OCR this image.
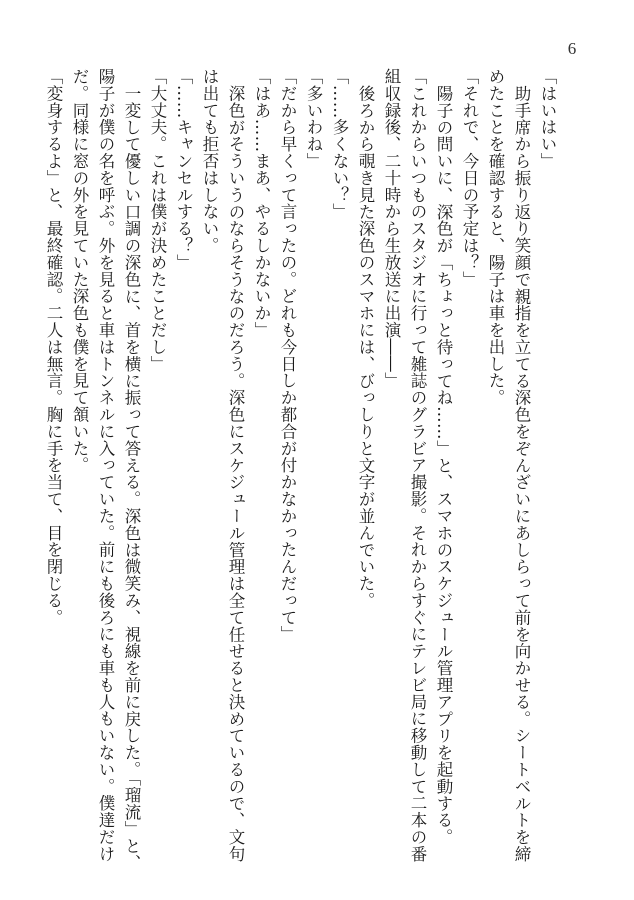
6

「はいはい」

助手席から振り返り笑顔で親指を立てる深色をぞんざいにあしらって前を向かせる。シートベルトを締めたことを確認すると、陽子は車を出した。

「それで、今日の予定は？」

陽子の問いに、深色が「ちょっと待ってね……」と、スマホのスケジュール管理アプリを起動する。

「これからいつものスタジオに行って雑誌のグラビア撮影。それからすぐにテレビ局に移動して二本の番組収録後、二十時から生放送に出演――」

後ろから覗き見た深色のスマホには、びっしりと文字が並んでいた。

「……多くない？」

「多いわね」

「だから早くって言ったの。どれも今日しか都合が付かなかったんだって」

「はあ……まあ、やるしかないか」

深色がそういうのならそうなのだろう。深色にスケジュール管理は全て任せると決めているので、文句は出ても拒否はしない。

「……キャンセルする？」

「大丈夫。これは僕が決めたことだし」

一変して優しい口調の深色に、首を横に振って答える。深色は微笑み、視線を前に戻した。「瑠流」と、陽子が僕の名を呼ぶ。外を見ると車はトンネルに入っていた。前にも後ろにも車も人もいない。僕達だけだ。同様に窓の外を見ていた深色も僕を見て頷いた。

「変身するよ」と、最終確認。二人は無言。胸に手を当て、目を閉じる。
